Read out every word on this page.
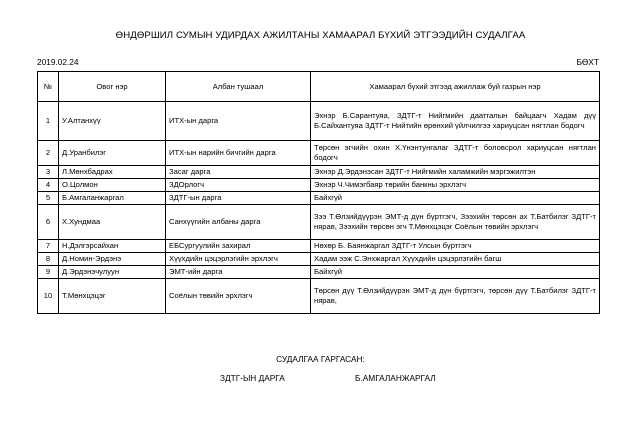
ӨНДӨРШИЛ СУМЫН УДИРДАХ АЖИЛТАНЫ ХАМААРАЛ БҮХИЙ ЭТГЭЭДИЙН СУДАЛГАА
2019.02.24	БӨХТ
№	Овог нэр	Албан тушаал	Хамаарал бүхий этгээд ажиллаж буй газрын нэр
1	У.Алтанхүү	ИТХ-ын дарга	Эхнэр Б.Сарантуяа, ЗДТГ-т Нийгмийн даатгалын байцаагч Хадам дүү Б.Сайхантуяа ЗДТГ-т Нийтийн өрөнхий үйлчилгээ хариуцсан нягтлан бодогч
2	Д.Уранбилэг	ИТХ-ын нарийн бичгийн дарга	Төрсөн эгчийн охин Х.Үнэнтунгалаг ЗДТГ-т боловсрол хариуцсан нягтлан бодогч
3	Л.Мөнхбадрах	Засаг дарга	Эхнэр Д.Эрдэнэсан ЗДТГ-т Нийгмийн халамжийн мэргэжилтэн
4	О.Цолмон	ЗДОрлогч	Эхнэр Ч.Чимэгбаяр төрийн банкны эрхлэгч
5	Б.Амгаланжаргал	ЗДТГ-ын дарга	Байхгүй
6	Х.Хундмаа	Санхүүгийн албаны дарга	Зээ Т.Өлзийдүүрэн ЭМТ-д дүн бүртгэгч, Зээхийн төрсөн ах Т.Батбилэг ЗДТГ-т нярав, Зээхийн төрсөн эгч Т.Мөнхцэцэг Соёлын төвийн эрхлэгч
7	Н.Дэлгэрсайхан	ЕБСургуулийн захирал	Нөхөр Б. Баянжаргал ЗДТГ-т Улсын бүртгэгч
8	Д.Номин-Эрдэнэ	Хүүхдийн цэцэрлэгийн эрхлэгч	Хадам ээж С.Энхжаргал Хүүхдийн цэцэрлэгийн багш
9	Д.Эрдэнэчулуун	ЭМТ-ийн дарга	Байхгүй
10	Т.Мөнхцэцэг	Соёлын төвийн эрхлэгч	Төрсөн дүү Т.Өлзийдүүрэн ЭМТ-д дүн бүртгэгч, төрсөн дүү Т.Батбилэг ЗДТГ-т нярав,
СУДАЛГАА ГАРГАСАН:
ЗДТГ-ЫН ДАРГА	Б.АМГАЛАНЖАРГАЛ
